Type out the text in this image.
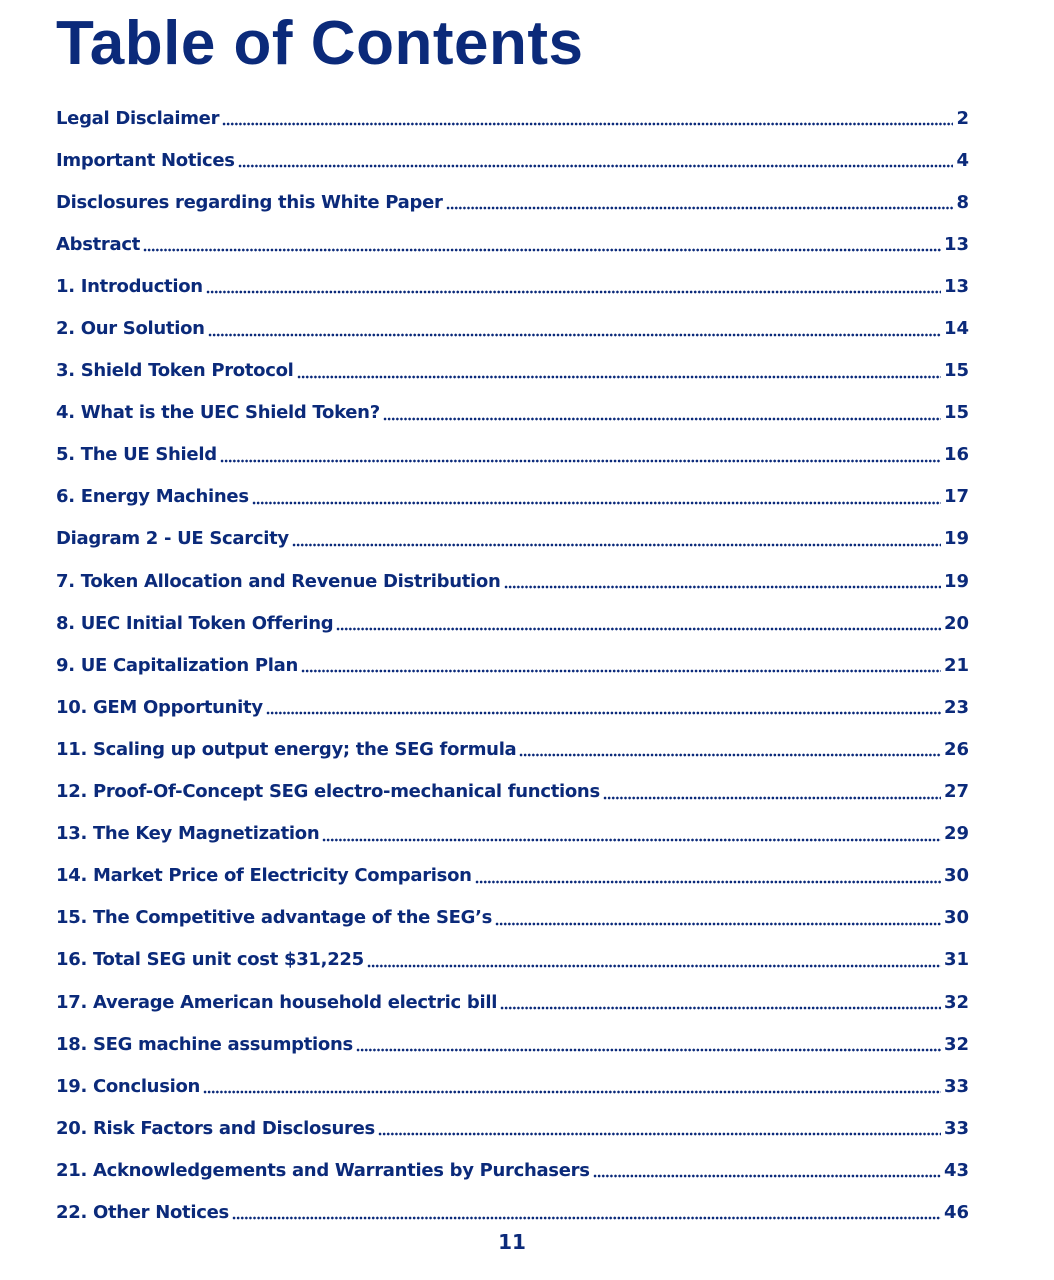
Table of Contents
Legal Disclaimer	2
Important Notices	4
Disclosures regarding this White Paper	8
Abstract	13
1. Introduction	13
2. Our Solution	14
3. Shield Token Protocol	15
4. What is the UEC Shield Token?	15
5. The UE Shield	16
6. Energy Machines	17
Diagram 2 - UE Scarcity	19
7. Token Allocation and Revenue Distribution	19
8. UEC Initial Token Offering	20
9. UE Capitalization Plan	21
10. GEM Opportunity	23
11. Scaling up output energy; the SEG formula	26
12. Proof-Of-Concept SEG electro-mechanical functions	27
13. The Key Magnetization	29
14. Market Price of Electricity Comparison	30
15. The Competitive advantage of the SEG’s	30
16. Total SEG unit cost $31,225	31
17. Average American household electric bill	32
18. SEG machine assumptions	32
19. Conclusion	33
20. Risk Factors and Disclosures	33
21. Acknowledgements and Warranties by Purchasers	43
22. Other Notices	46
11
